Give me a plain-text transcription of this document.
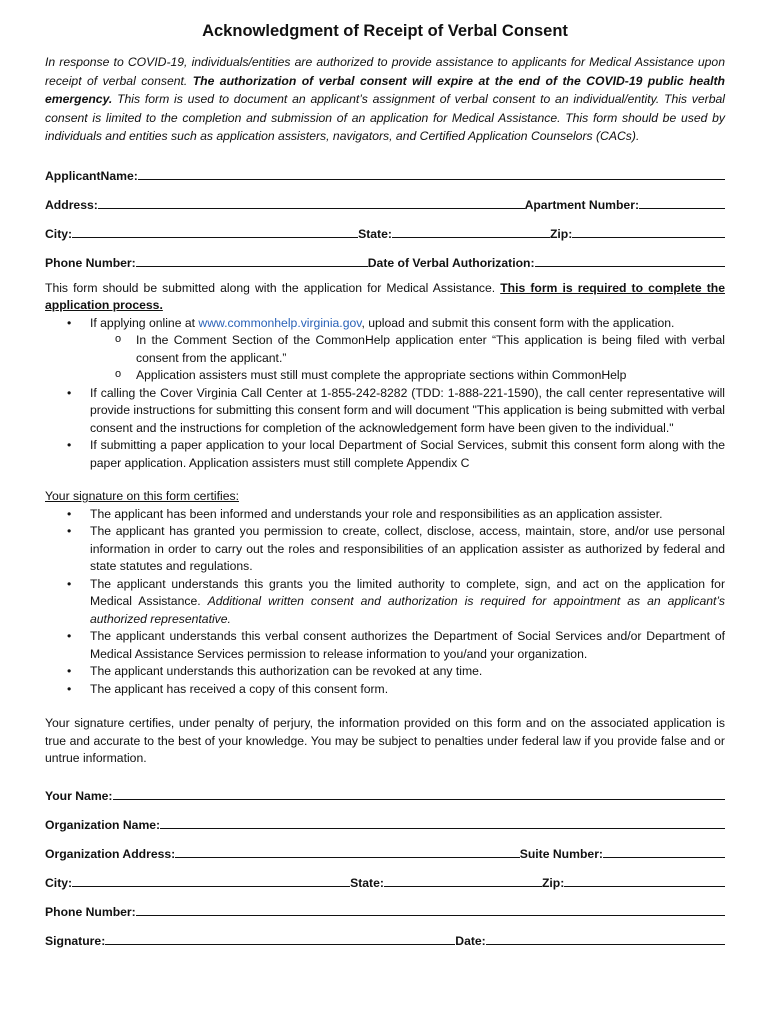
Acknowledgment of Receipt of Verbal Consent

In response to COVID-19, individuals/entities are authorized to provide assistance to applicants for Medical Assistance upon receipt of verbal consent. The authorization of verbal consent will expire at the end of the COVID-19 public health emergency. This form is used to document an applicant’s assignment of verbal consent to an individual/entity. This verbal consent is limited to the completion and submission of an application for Medical Assistance. This form should be used by individuals and entities such as application assisters, navigators, and Certified Application Counselors (CACs).

ApplicantName:
Address:	Apartment Number:
City:	State:	Zip:
Phone Number:	Date of Verbal Authorization:

This form should be submitted along with the application for Medical Assistance. This form is required to complete the application process.

• If applying online at www.commonhelp.virginia.gov, upload and submit this consent form with the application.
o In the Comment Section of the CommonHelp application enter “This application is being filed with verbal consent from the applicant.”
o Application assisters must still must complete the appropriate sections within CommonHelp
• If calling the Cover Virginia Call Center at 1-855-242-8282 (TDD: 1-888-221-1590), the call center representative will provide instructions for submitting this consent form and will document "This application is being submitted with verbal consent and the instructions for completion of the acknowledgement form have been given to the individual."
• If submitting a paper application to your local Department of Social Services, submit this consent form along with the paper application. Application assisters must still complete Appendix C

Your signature on this form certifies:

• The applicant has been informed and understands your role and responsibilities as an application assister.
• The applicant has granted you permission to create, collect, disclose, access, maintain, store, and/or use personal information in order to carry out the roles and responsibilities of an application assister as authorized by federal and state statutes and regulations.
• The applicant understands this grants you the limited authority to complete, sign, and act on the application for Medical Assistance. Additional written consent and authorization is required for appointment as an applicant’s authorized representative.
• The applicant understands this verbal consent authorizes the Department of Social Services and/or Department of Medical Assistance Services permission to release information to you/and your organization.
• The applicant understands this authorization can be revoked at any time.
• The applicant has received a copy of this consent form.

Your signature certifies, under penalty of perjury, the information provided on this form and on the associated application is true and accurate to the best of your knowledge. You may be subject to penalties under federal law if you provide false and or untrue information.

Your Name:
Organization Name:
Organization Address:	Suite Number:
City:	State:	Zip:
Phone Number:
Signature:	Date:
